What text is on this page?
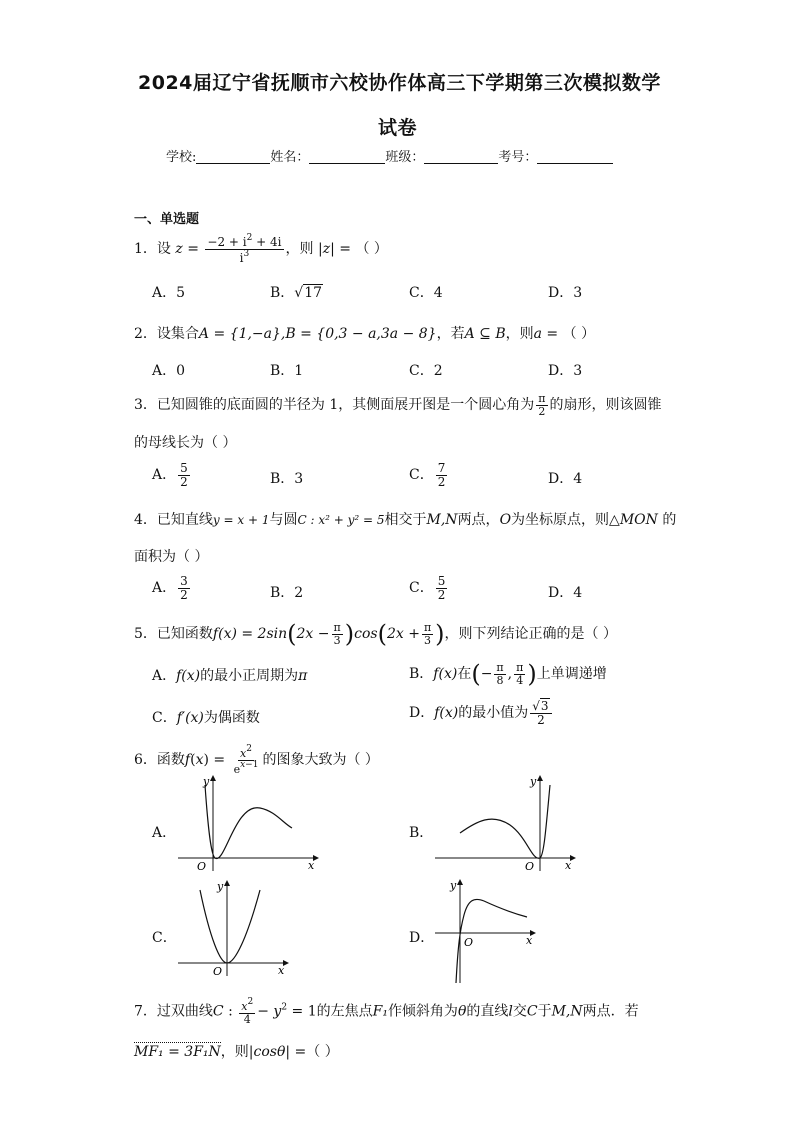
2024届辽宁省抚顺市六校协作体高三下学期第三次模拟数学
试卷
学校:	姓名：	班级：	考号：
一、单选题
1．设 $z = \frac{-2 + i^2 + 4i}{i^3}$ ，则 |z| = （ ）
A．5	B．√17	C．4	D．3
2．设集合A = {1,−a},B = {0,3 − a,3a − 8}，若A ⊆ B，则a = （ ）
A．0	B．1	C．2	D．3
3．已知圆锥的底面圆的半径为 1，其侧面展开图是一个圆心角为 $\frac{\pi}{2}$ 的扇形，则该圆锥
的母线长为（ ）
A． $\frac{5}{2}$	B．3	C． $\frac{7}{2}$	D．4
4．已知直线y = x + 1与圆C : x² + y² = 5相交于M,N两点，O为坐标原点，则△MON 的
面积为（ ）
A． $\frac{3}{2}$	B．2	C． $\frac{5}{2}$	D．4
5．已知函数$f(x) = 2\sin(2x - \frac{\pi}{3} )\cos(2x + \frac{\pi}{3}$ )，则下列结论正确的是（ ）
A．f(x)的最小正周期为π	B．f(x)在(− $\frac{\pi}{8}$ , $\frac{\pi}{4}$ )上单调递增
C．f′(x)为偶函数	D．f(x)的最小值为 $\frac{√3}{2}$
6．函数$f(x) = \frac{x^2}{e^{x-1}}$ 的图象大致为（ ）
A．
y
O	x
B．
y
O	x
C．
y
O	x
D．
y
O	x
7．过双曲线C : $\frac{x^2}{4} - y^2 = 1$的左焦点F₁作倾斜角为θ的直线l交C于M,N两点．若
MF₁ = 3F₁N，则|cosθ| =（ ）
